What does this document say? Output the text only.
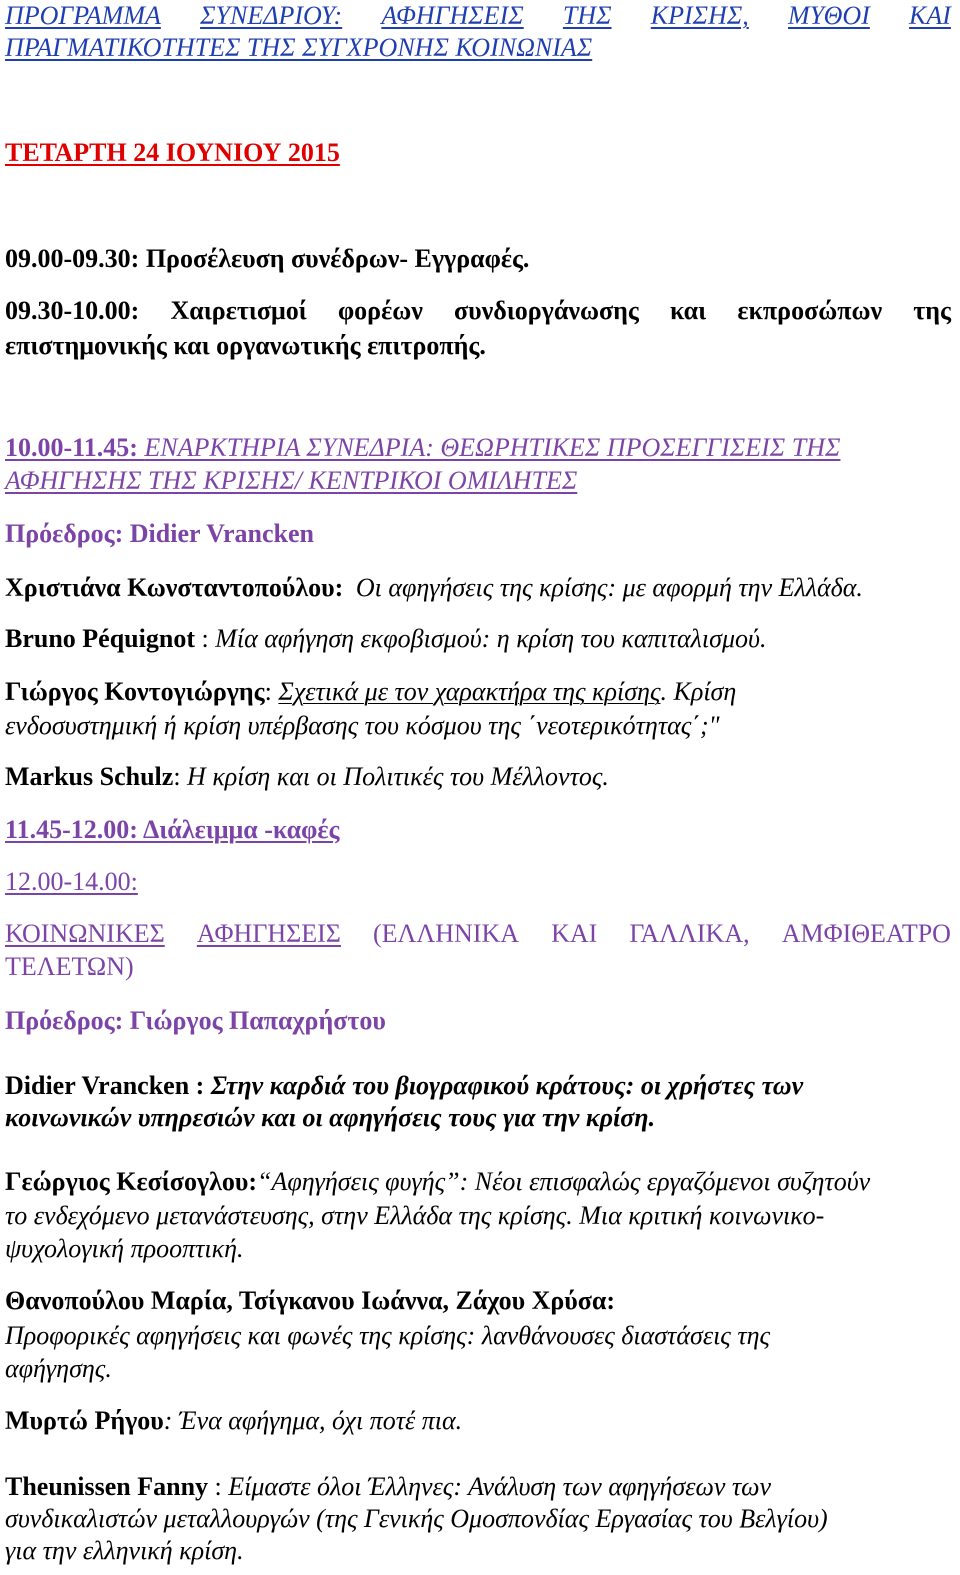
ΠΡΟΓΡΑΜΜΑ ΣΥΝΕΔΡΙΟΥ: ΑΦΗΓΗΣΕΙΣ ΤΗΣ ΚΡΙΣΗΣ, ΜΥΘΟΙ ΚΑΙ
ΠΡΑΓΜΑΤΙΚΟΤΗΤΕΣ ΤΗΣ ΣΥΓΧΡΟΝΗΣ ΚΟΙΝΩΝΙΑΣ
ΤΕΤΑΡΤΗ 24 ΙΟΥΝΙΟΥ 2015
09.00-09.30: Προσέλευση συνέδρων- Εγγραφές.
09.30-10.00: Χαιρετισμοί φορέων συνδιοργάνωσης και εκπροσώπων της
επιστημονικής και οργανωτικής επιτροπής.
10.00-11.45: ΕΝΑΡΚΤΗΡΙΑ ΣΥΝΕΔΡΙΑ: ΘΕΩΡΗΤΙΚΕΣ ΠΡΟΣΕΓΓΙΣΕΙΣ ΤΗΣ
ΑΦΗΓΗΣΗΣ ΤΗΣ ΚΡΙΣΗΣ/ ΚΕΝΤΡΙΚΟΙ ΟΜΙΛΗΤΕΣ
Πρόεδρος: Didier Vrancken
Χριστιάνα Κωνσταντοπούλου: Οι αφηγήσεις της κρίσης: με αφορμή την Ελλάδα.
Bruno Péquignot : Μία αφήγηση εκφοβισμού: η κρίση του καπιταλισμού.
Γιώργος Κοντογιώργης: Σχετικά με τον χαρακτήρα της κρίσης. Κρίση
ενδοσυστημική ή κρίση υπέρβασης του κόσμου της ΄νεοτερικότητας΄;"
Markus Schulz: Η κρίση και οι Πολιτικές του Μέλλοντος.
11.45-12.00: Διάλειμμα -καφές
12.00-14.00:
ΚΟΙΝΩΝΙΚΕΣ ΑΦΗΓΗΣΕΙΣ (ΕΛΛΗΝΙΚΑ ΚΑΙ ΓΑΛΛΙΚΑ, ΑΜΦΙΘΕΑΤΡΟ
ΤΕΛΕΤΩΝ)
Πρόεδρος: Γιώργος Παπαχρήστου
Didier Vrancken : Στην καρδιά του βιογραφικού κράτους: οι χρήστες των
κοινωνικών υπηρεσιών και οι αφηγήσεις τους για την κρίση.
Γεώργιος Κεσίσογλου:“Αφηγήσεις φυγής”: Νέοι επισφαλώς εργαζόμενοι συζητούν
το ενδεχόμενο μετανάστευσης, στην Ελλάδα της κρίσης. Μια κριτική κοινωνικο-
ψυχολογική προοπτική.
Θανοπούλου Μαρία, Τσίγκανου Ιωάννα, Ζάχου Χρύσα:
Προφορικές αφηγήσεις και φωνές της κρίσης: λανθάνουσες διαστάσεις της
αφήγησης.
Μυρτώ Ρήγου: Ένα αφήγημα, όχι ποτέ πια.
Theunissen Fanny : Είμαστε όλοι Έλληνες: Ανάλυση των αφηγήσεων των
συνδικαλιστών μεταλλουργών (της Γενικής Ομοσπονδίας Εργασίας του Βελγίου)
για την ελληνική κρίση.
